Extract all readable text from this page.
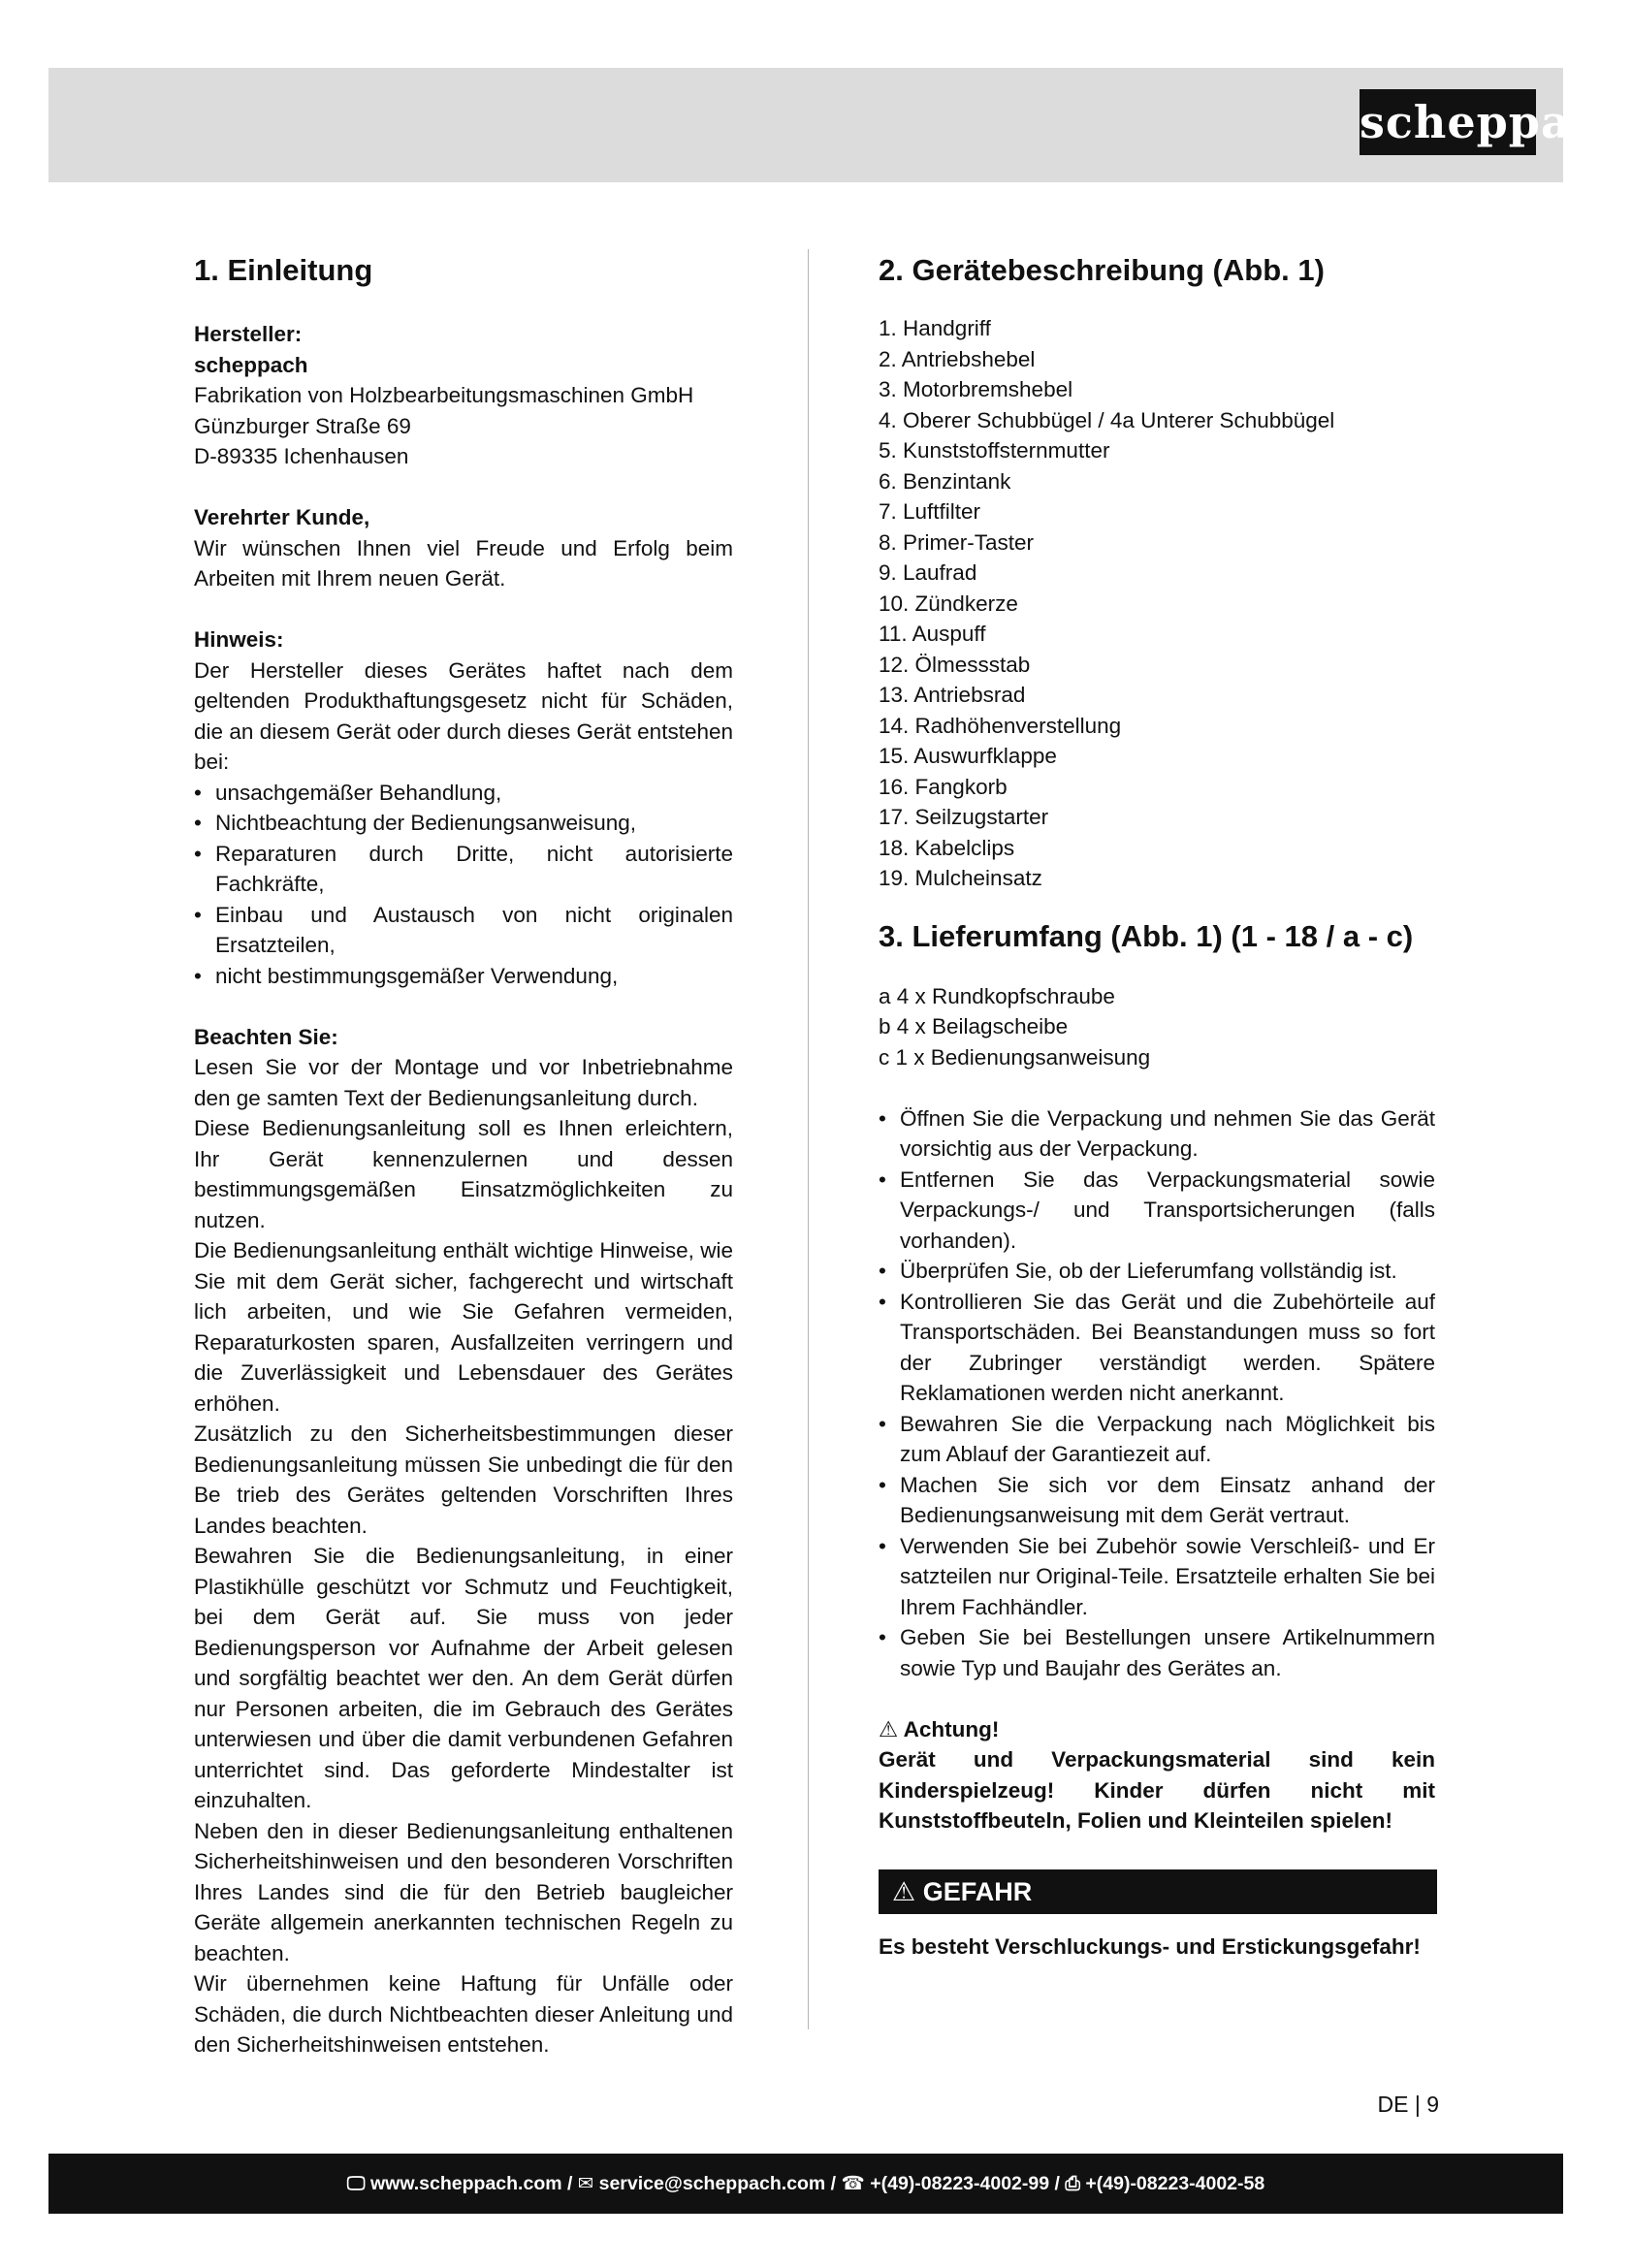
scheppach
1. Einleitung

Hersteller:

scheppach

Fabrikation von Holzbearbeitungsmaschinen GmbH

Günzburger Straße 69

D-89335 Ichenhausen

Verehrter Kunde,

Wir wünschen Ihnen viel Freude und Erfolg beim Arbeiten mit Ihrem neuen Gerät.

Hinweis:

Der Hersteller dieses Gerätes haftet nach dem geltenden Produkthaftungsgesetz nicht für Schäden, die an diesem Gerät oder durch dieses Gerät entstehen bei:

• unsachgemäßer Behandlung,
• Nichtbeachtung der Bedienungsanweisung,
• Reparaturen durch Dritte, nicht autorisierte Fachkräfte,
• Einbau und Austausch von nicht originalen Ersatzteilen,
• nicht bestimmungsgemäßer Verwendung,

Beachten Sie:

Lesen Sie vor der Montage und vor Inbetriebnahme den ge samten Text der Bedienungsanleitung durch.

Diese Bedienungsanleitung soll es Ihnen erleichtern, Ihr Gerät kennenzulernen und dessen bestimmungsgemäßen Einsatzmöglichkeiten zu nutzen.

Die Bedienungsanleitung enthält wichtige Hinweise, wie Sie mit dem Gerät sicher, fachgerecht und wirtschaft lich arbeiten, und wie Sie Gefahren vermeiden, Reparaturkosten sparen, Ausfallzeiten verringern und die Zuverlässigkeit und Lebensdauer des Gerätes erhöhen.

Zusätzlich zu den Sicherheitsbestimmungen dieser Bedienungsanleitung müssen Sie unbedingt die für den Be trieb des Gerätes geltenden Vorschriften Ihres Landes beachten.

Bewahren Sie die Bedienungsanleitung, in einer Plastikhülle geschützt vor Schmutz und Feuchtigkeit, bei dem Gerät auf. Sie muss von jeder Bedienungsperson vor Aufnahme der Arbeit gelesen und sorgfältig beachtet wer den. An dem Gerät dürfen nur Personen arbeiten, die im Gebrauch des Gerätes unterwiesen und über die damit verbundenen Gefahren unterrichtet sind. Das geforderte Mindestalter ist einzuhalten.

Neben den in dieser Bedienungsanleitung enthaltenen Sicherheitshinweisen und den besonderen Vorschriften Ihres Landes sind die für den Betrieb baugleicher Geräte allgemein anerkannten technischen Regeln zu beachten.

Wir übernehmen keine Haftung für Unfälle oder Schäden, die durch Nichtbeachten dieser Anleitung und den Sicherheitshinweisen entstehen.

2. Gerätebeschreibung (Abb. 1)
1. Handgriff
2. Antriebshebel
3. Motorbremshebel
4. Oberer Schubbügel / 4a Unterer Schubbügel
5. Kunststoffsternmutter
6. Benzintank
7. Luftfilter
8. Primer-Taster
9. Laufrad
10. Zündkerze
11. Auspuff
12. Ölmessstab
13. Antriebsrad
14. Radhöhenverstellung
15. Auswurfklappe
16. Fangkorb
17. Seilzugstarter
18. Kabelclips
19. Mulcheinsatz
3. Lieferumfang (Abb. 1) (1 - 18 / a - c)
a 4 x Rundkopfschraube
b 4 x Beilagscheibe
c 1 x Bedienungsanweisung
• Öffnen Sie die Verpackung und nehmen Sie das Gerät vorsichtig aus der Verpackung.
• Entfernen Sie das Verpackungsmaterial sowie Verpackungs-/ und Transportsicherungen (falls vorhanden).
• Überprüfen Sie, ob der Lieferumfang vollständig ist.
• Kontrollieren Sie das Gerät und die Zubehörteile auf Transportschäden. Bei Beanstandungen muss so fort der Zubringer verständigt werden. Spätere Reklamationen werden nicht anerkannt.
• Bewahren Sie die Verpackung nach Möglichkeit bis zum Ablauf der Garantiezeit auf.
• Machen Sie sich vor dem Einsatz anhand der Bedienungsanweisung mit dem Gerät vertraut.
• Verwenden Sie bei Zubehör sowie Verschleiß- und Er satzteilen nur Original-Teile. Ersatzteile erhalten Sie bei Ihrem Fachhändler.
• Geben Sie bei Bestellungen unsere Artikelnummern sowie Typ und Baujahr des Gerätes an.

⚠ Achtung!

Gerät und Verpackungsmaterial sind kein Kinderspielzeug! Kinder dürfen nicht mit Kunststoffbeuteln, Folien und Kleinteilen spielen!

⚠ GEFAHR

Es besteht Verschluckungs- und Erstickungsgefahr!

DE | 9
🖵 www.scheppach.com / ✉ service@scheppach.com / ☎ +(49)-08223-4002-99 / ⎙ +(49)-08223-4002-58
